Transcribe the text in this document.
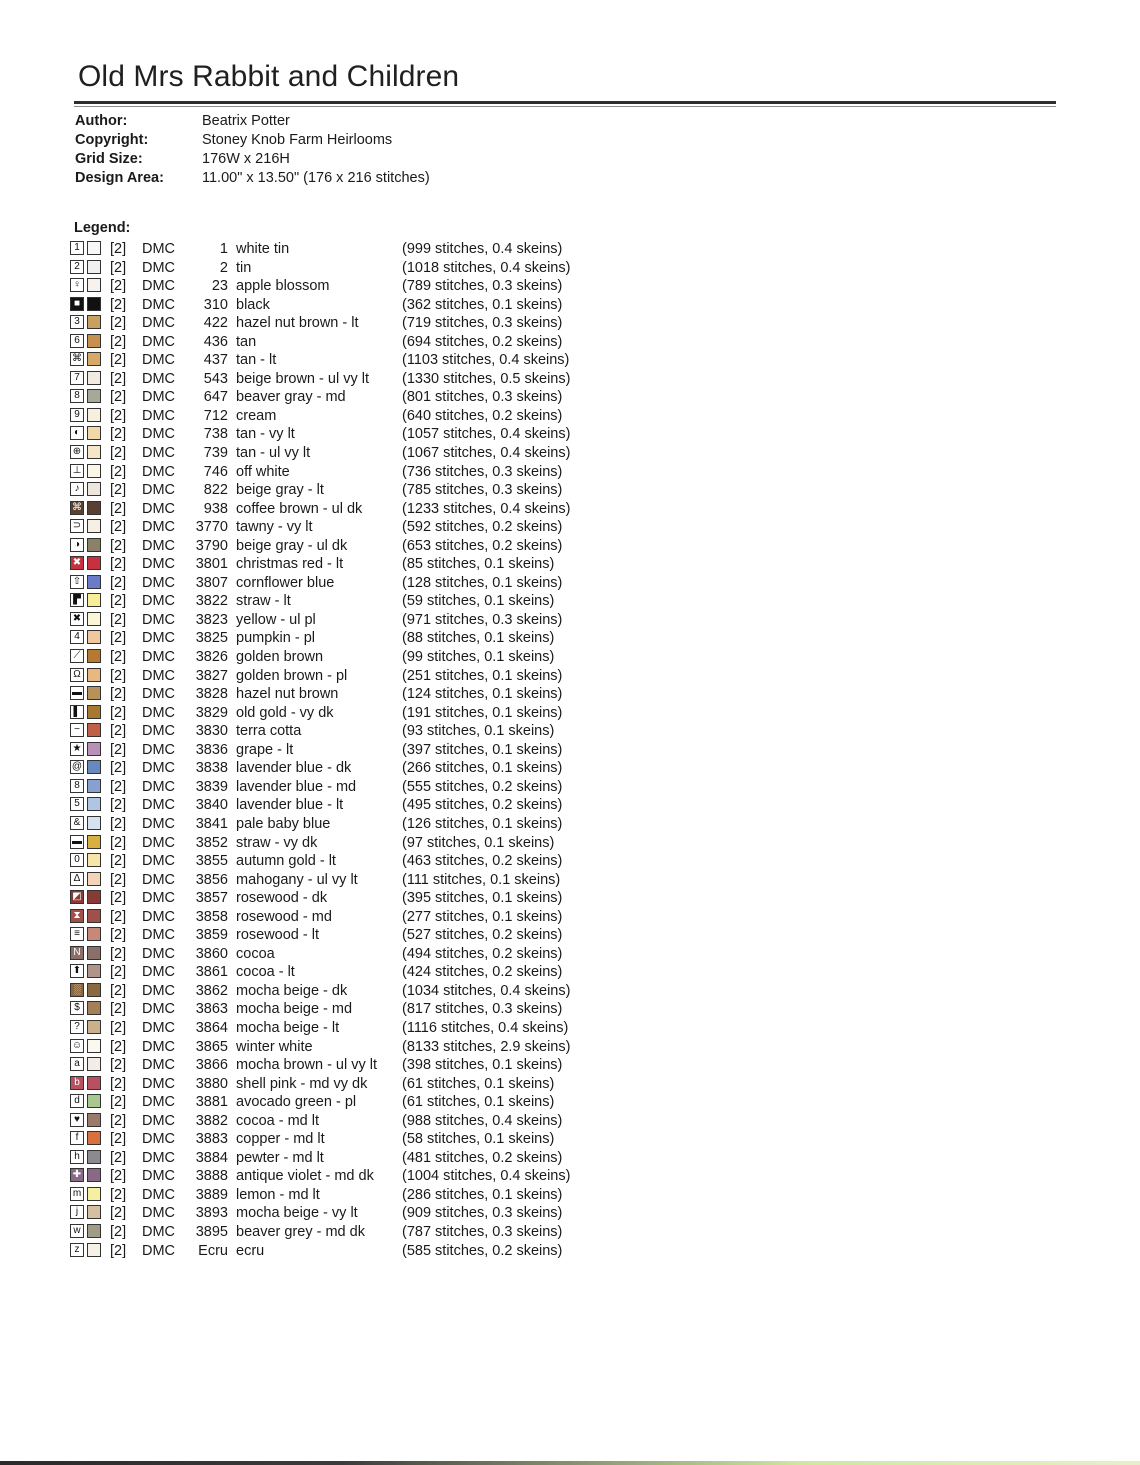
Old Mrs Rabbit and Children
Author:	Beatrix Potter
Copyright:	Stoney Knob Farm Heirlooms
Grid Size:	176W x 216H
Design Area:	11.00" x 13.50" (176 x 216 stitches)
Legend:
1 [2] DMC	1 white tin	(999 stitches, 0.4 skeins)
2 [2] DMC	2 tin	(1018 stitches, 0.4 skeins)
♀ [2] DMC	23 apple blossom	(789 stitches, 0.3 skeins)
■ [2] DMC	310 black	(362 stitches, 0.1 skeins)
3 [2] DMC	422 hazel nut brown - lt	(719 stitches, 0.3 skeins)
6 [2] DMC	436 tan	(694 stitches, 0.2 skeins)
⌘ [2] DMC	437 tan - lt	(1103 stitches, 0.4 skeins)
7 [2] DMC	543 beige brown - ul vy lt (1330 stitches, 0.5 skeins)
8 [2] DMC	647 beaver gray - md	(801 stitches, 0.3 skeins)
9 [2] DMC	712 cream	(640 stitches, 0.2 skeins)
◐ [2] DMC	738 tan - vy lt	(1057 stitches, 0.4 skeins)
⊕ [2] DMC	739 tan - ul vy lt	(1067 stitches, 0.4 skeins)
⊥ [2] DMC	746 off white	(736 stitches, 0.3 skeins)
♪	[2] DMC	822 beige gray - lt	(785 stitches, 0.3 skeins)
⌘ [2] DMC	938 coffee brown - ul dk	(1233 stitches, 0.4 skeins)
⊃ [2] DMC	3770 tawny - vy lt	(592 stitches, 0.2 skeins)
◑ [2] DMC	3790 beige gray - ul dk	(653 stitches, 0.2 skeins)
✖ [2] DMC	3801 christmas red - lt	(85 stitches, 0.1 skeins)
⇧ [2] DMC	3807 cornflower blue	(128 stitches, 0.1 skeins)
▛ [2] DMC	3822 straw - lt	(59 stitches, 0.1 skeins)
✖ [2] DMC	3823 yellow - ul pl	(971 stitches, 0.3 skeins)
4 [2] DMC	3825 pumpkin - pl	(88 stitches, 0.1 skeins)
⟋ [2] DMC	3826 golden brown	(99 stitches, 0.1 skeins)
Ω [2] DMC	3827 golden brown - pl	(251 stitches, 0.1 skeins)
▬ [2] DMC	3828 hazel nut brown	(124 stitches, 0.1 skeins)
▌ [2] DMC	3829 old gold - vy dk	(191 stitches, 0.1 skeins)
− [2] DMC	3830 terra cotta	(93 stitches, 0.1 skeins)
★ [2] DMC	3836 grape - lt	(397 stitches, 0.1 skeins)
@ [2] DMC	3838 lavender blue - dk	(266 stitches, 0.1 skeins)
8 [2] DMC	3839 lavender blue - md	(555 stitches, 0.2 skeins)
5 [2] DMC	3840 lavender blue - lt	(495 stitches, 0.2 skeins)
& [2] DMC	3841 pale baby blue	(126 stitches, 0.1 skeins)
▬ [2] DMC	3852 straw - vy dk	(97 stitches, 0.1 skeins)
0 [2] DMC	3855 autumn gold - lt	(463 stitches, 0.2 skeins)
Δ [2] DMC	3856 mahogany - ul vy lt	(111 stitches, 0.1 skeins)
◩ [2] DMC	3857 rosewood - dk	(395 stitches, 0.1 skeins)
⧗ [2] DMC	3858 rosewood - md	(277 stitches, 0.1 skeins)
≡ [2] DMC	3859 rosewood - lt	(527 stitches, 0.2 skeins)
N [2] DMC	3860 cocoa	(494 stitches, 0.2 skeins)
⬆ [2] DMC	3861 cocoa - lt	(424 stitches, 0.2 skeins)
░ [2] DMC	3862 mocha beige - dk	(1034 stitches, 0.4 skeins)
$ [2] DMC	3863 mocha beige - md	(817 stitches, 0.3 skeins)
? [2] DMC	3864 mocha beige - lt	(1116 stitches, 0.4 skeins)
☺ [2] DMC	3865 winter white	(8133 stitches, 2.9 skeins)
a [2] DMC	3866 mocha brown - ul vy lt (398 stitches, 0.1 skeins)
b [2] DMC	3880 shell pink - md vy dk (61 stitches, 0.1 skeins)
d [2] DMC	3881 avocado green - pl	(61 stitches, 0.1 skeins)
♥ [2] DMC	3882 cocoa - md lt	(988 stitches, 0.4 skeins)
f	[2] DMC	3883 copper - md lt	(58 stitches, 0.1 skeins)
h [2] DMC	3884 pewter - md lt	(481 stitches, 0.2 skeins)
✚ [2] DMC	3888 antique violet - md dk (1004 stitches, 0.4 skeins)
m [2] DMC	3889 lemon - md lt	(286 stitches, 0.1 skeins)
j	[2] DMC	3893 mocha beige - vy lt	(909 stitches, 0.3 skeins)
w [2] DMC	3895 beaver grey - md dk	(787 stitches, 0.3 skeins)
z	[2] DMC	Ecru ecru	(585 stitches, 0.2 skeins)
